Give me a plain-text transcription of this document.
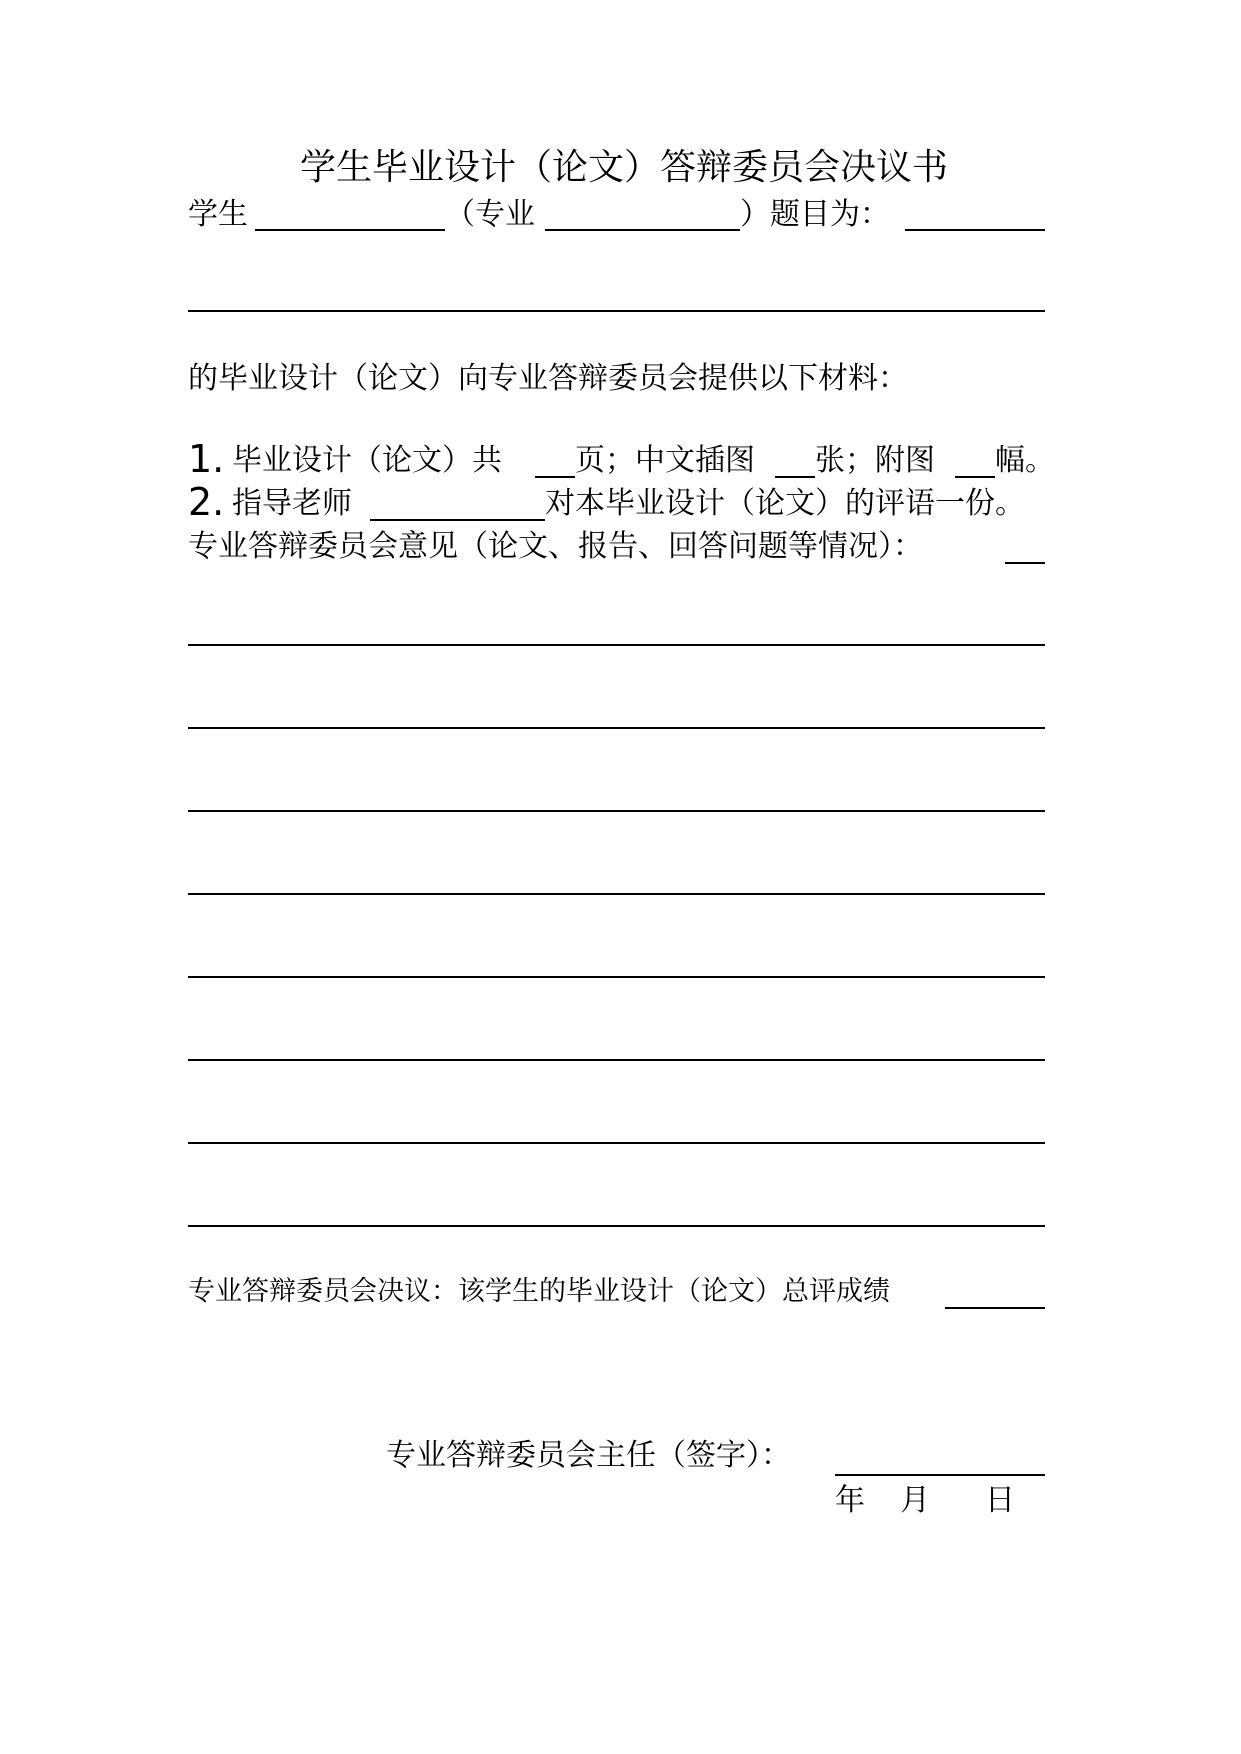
学生毕业设计（论文）答辩委员会决议书
学生	（专业	）题目为：
的毕业设计（论文）向专业答辩委员会提供以下材料：
1. 毕业设计（论文）共 页；中文插图 张；附图 幅。
2. 指导老师	对本毕业设计（论文）的评语一份。
专业答辩委员会意见（论文、报告、回答问题等情况）：
专业答辩委员会决议：该学生的毕业设计（论文）总评成绩
专业答辩委员会主任（签字）：
年 月 日
